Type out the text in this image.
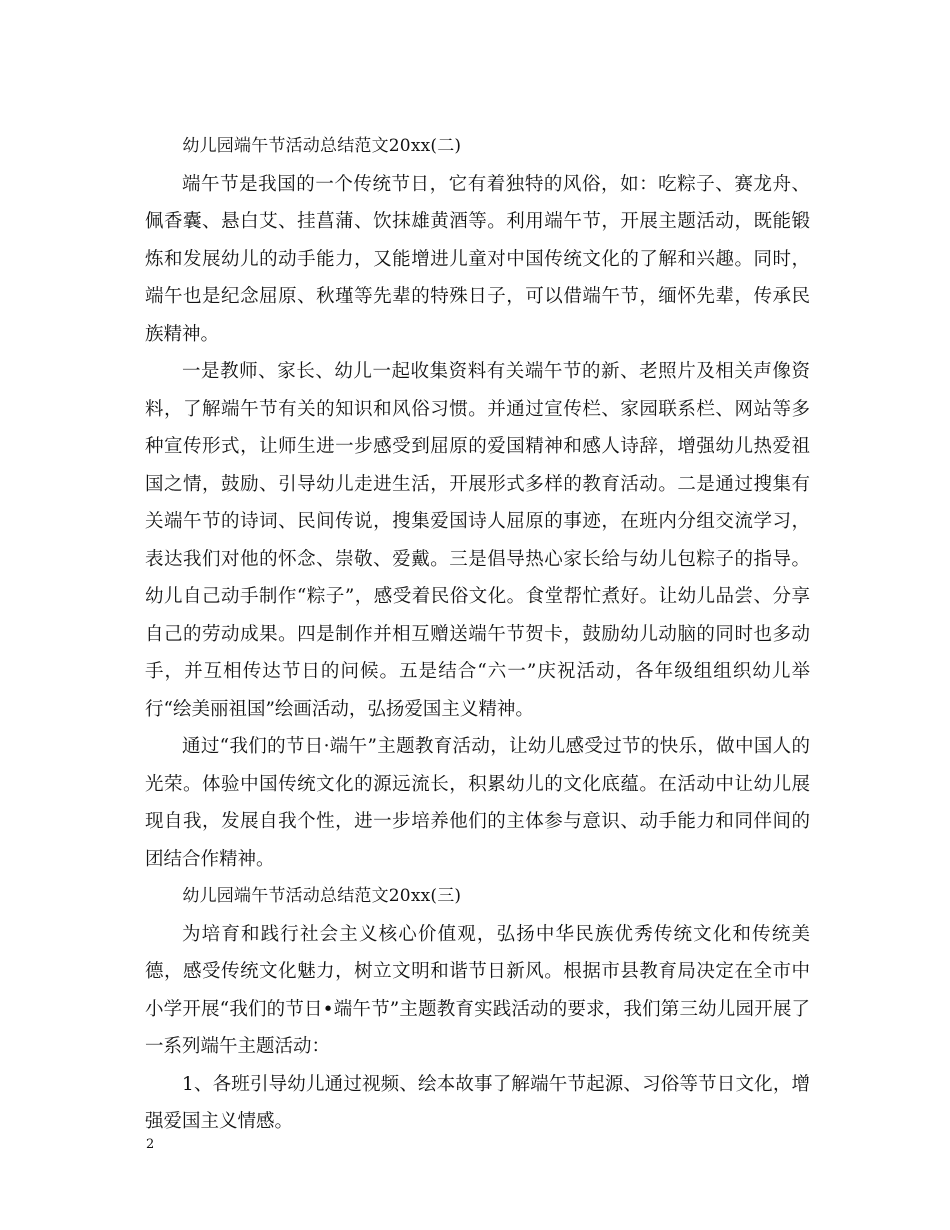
幼儿园端午节活动总结范文20xx(二)

端午节是我国的一个传统节日，它有着独特的风俗，如：吃粽子、赛龙舟、佩香囊、悬白艾、挂菖蒲、饮抹雄黄酒等。利用端午节，开展主题活动，既能锻炼和发展幼儿的动手能力，又能增进儿童对中国传统文化的了解和兴趣。同时，端午也是纪念屈原、秋瑾等先辈的特殊日子，可以借端午节，缅怀先辈，传承民族精神。

一是教师、家长、幼儿一起收集资料有关端午节的新、老照片及相关声像资料，了解端午节有关的知识和风俗习惯。并通过宣传栏、家园联系栏、网站等多种宣传形式，让师生进一步感受到屈原的爱国精神和感人诗辞，增强幼儿热爱祖国之情，鼓励、引导幼儿走进生活，开展形式多样的教育活动。二是通过搜集有关端午节的诗词、民间传说，搜集爱国诗人屈原的事迹，在班内分组交流学习，表达我们对他的怀念、崇敬、爱戴。三是倡导热心家长给与幼儿包粽子的指导。幼儿自己动手制作“粽子”，感受着民俗文化。食堂帮忙煮好。让幼儿品尝、分享自己的劳动成果。四是制作并相互赠送端午节贺卡，鼓励幼儿动脑的同时也多动手，并互相传达节日的问候。五是结合“六一”庆祝活动，各年级组组织幼儿举行“绘美丽祖国”绘画活动，弘扬爱国主义精神。

通过“我们的节日·端午”主题教育活动，让幼儿感受过节的快乐，做中国人的光荣。体验中国传统文化的源远流长，积累幼儿的文化底蕴。在活动中让幼儿展现自我，发展自我个性，进一步培养他们的主体参与意识、动手能力和同伴间的团结合作精神。

幼儿园端午节活动总结范文20xx(三)

为培育和践行社会主义核心价值观，弘扬中华民族优秀传统文化和传统美德，感受传统文化魅力，树立文明和谐节日新风。根据市县教育局决定在全市中小学开展“我们的节日•端午节”主题教育实践活动的要求，我们第三幼儿园开展了一系列端午主题活动：

1、各班引导幼儿通过视频、绘本故事了解端午节起源、习俗等节日文化，增强爱国主义情感。

2
